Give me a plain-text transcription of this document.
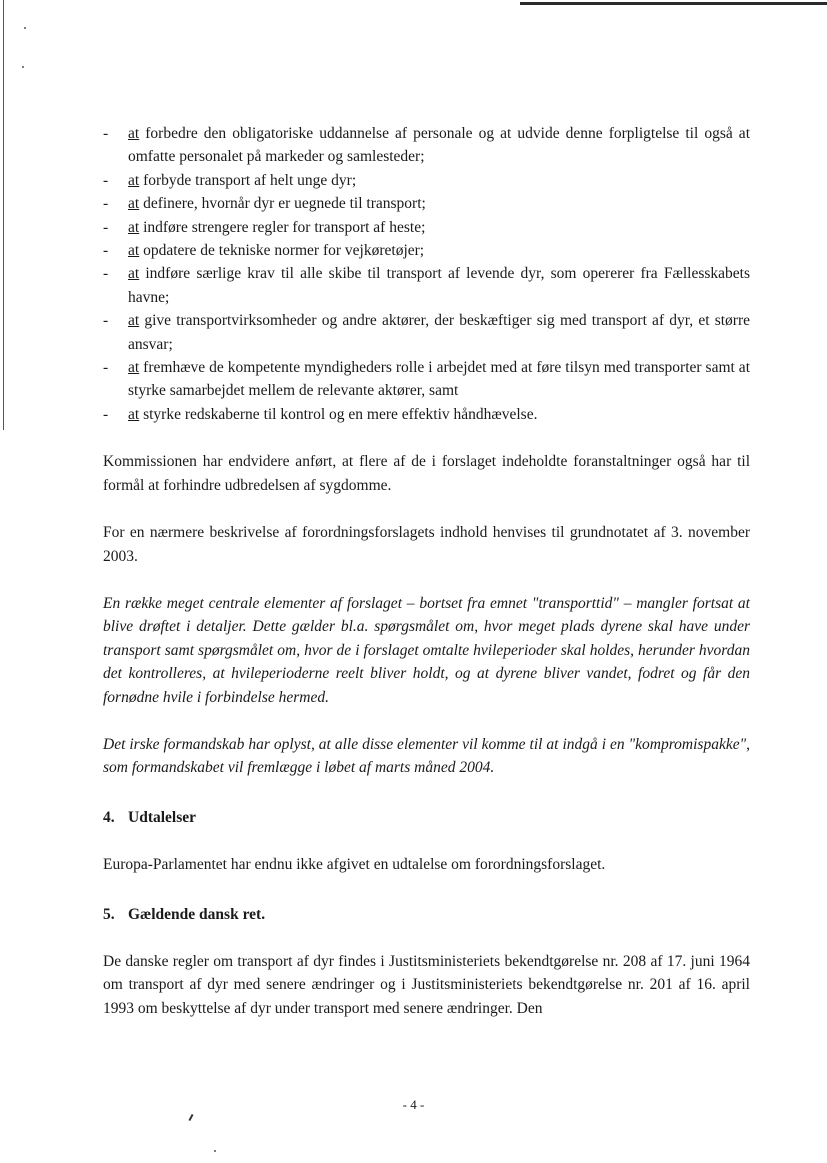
- at forbedre den obligatoriske uddannelse af personale og at udvide denne forpligtelse til også at omfatte personalet på markeder og samlesteder;
- at forbyde transport af helt unge dyr;
- at definere, hvornår dyr er uegnede til transport;
- at indføre strengere regler for transport af heste;
- at opdatere de tekniske normer for vejkøretøjer;
- at indføre særlige krav til alle skibe til transport af levende dyr, som opererer fra Fællesskabets havne;
- at give transportvirksomheder og andre aktører, der beskæftiger sig med transport af dyr, et større ansvar;
- at fremhæve de kompetente myndigheders rolle i arbejdet med at føre tilsyn med transporter samt at styrke samarbejdet mellem de relevante aktører, samt
- at styrke redskaberne til kontrol og en mere effektiv håndhævelse.

Kommissionen har endvidere anført, at flere af de i forslaget indeholdte foranstaltninger også har til formål at forhindre udbredelsen af sygdomme.

For en nærmere beskrivelse af forordningsforslagets indhold henvises til grundnotatet af 3. november 2003.

En række meget centrale elementer af forslaget – bortset fra emnet "transporttid" – mangler fortsat at blive drøftet i detaljer. Dette gælder bl.a. spørgsmålet om, hvor meget plads dyrene skal have under transport samt spørgsmålet om, hvor de i forslaget omtalte hvileperioder skal holdes, herunder hvordan det kontrolleres, at hvileperioderne reelt bliver holdt, og at dyrene bliver vandet, fodret og får den fornødne hvile i forbindelse hermed.

Det irske formandskab har oplyst, at alle disse elementer vil komme til at indgå i en "kompromispakke", som formandskabet vil fremlægge i løbet af marts måned 2004.

4. Udtalelser

Europa-Parlamentet har endnu ikke afgivet en udtalelse om forordningsforslaget.

5. Gældende dansk ret.

De danske regler om transport af dyr findes i Justitsministeriets bekendtgørelse nr. 208 af 17. juni 1964 om transport af dyr med senere ændringer og i Justitsministeriets bekendtgørelse nr. 201 af 16. april 1993 om beskyttelse af dyr under transport med senere ændringer. Den

- 4 -
